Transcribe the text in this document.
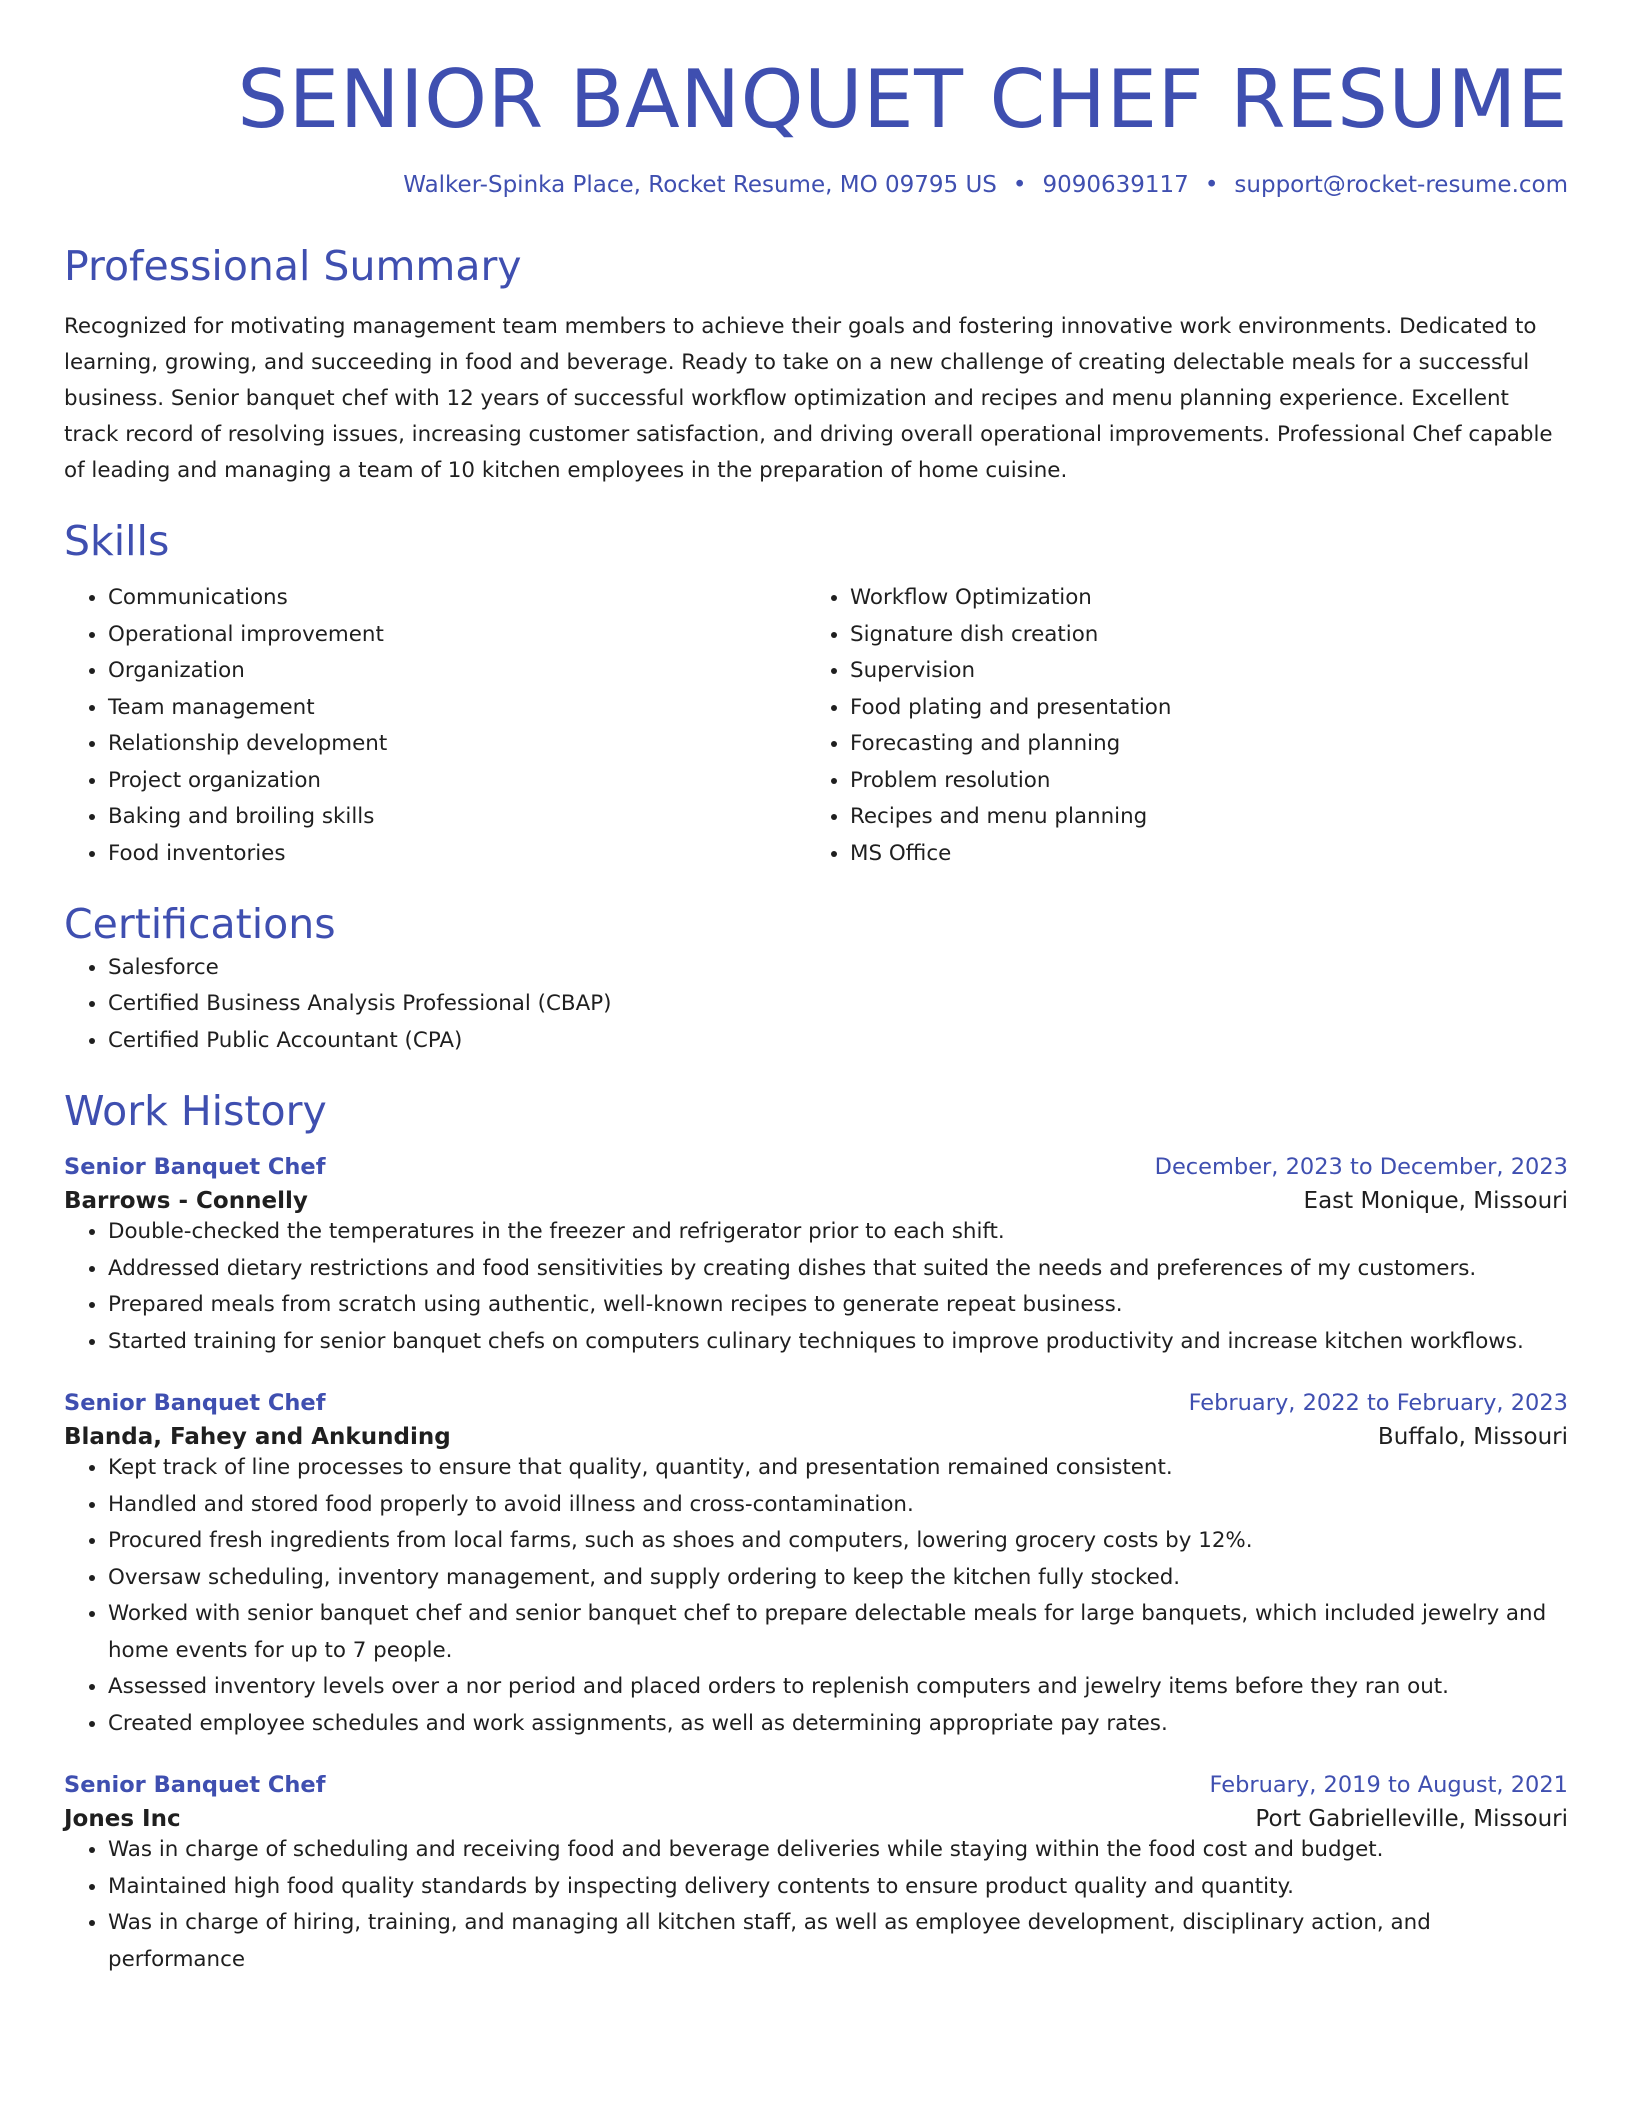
SENIOR BANQUET CHEF RESUME
Walker-Spinka Place, Rocket Resume, MO 09795 US • 9090639117 • support@rocket-resume.com
Professional Summary
Recognized for motivating management team members to achieve their goals and fostering innovative work environments. Dedicated to learning, growing, and succeeding in food and beverage. Ready to take on a new challenge of creating delectable meals for a successful business. Senior banquet chef with 12 years of successful workflow optimization and recipes and menu planning experience. Excellent track record of resolving issues, increasing customer satisfaction, and driving overall operational improvements. Professional Chef capable of leading and managing a team of 10 kitchen employees in the preparation of home cuisine.
Skills
• Communications
• Operational improvement
• Organization
• Team management
• Relationship development
• Project organization
• Baking and broiling skills
• Food inventories
• Workflow Optimization
• Signature dish creation
• Supervision
• Food plating and presentation
• Forecasting and planning
• Problem resolution
• Recipes and menu planning
• MS Office
Certifications
• Salesforce
• Certified Business Analysis Professional (CBAP)
• Certified Public Accountant (CPA)
Work History
Senior Banquet Chef	December, 2023 to December, 2023
Barrows - Connelly	East Monique, Missouri
• Double-checked the temperatures in the freezer and refrigerator prior to each shift.
• Addressed dietary restrictions and food sensitivities by creating dishes that suited the needs and preferences of my customers.
• Prepared meals from scratch using authentic, well-known recipes to generate repeat business.
• Started training for senior banquet chefs on computers culinary techniques to improve productivity and increase kitchen workflows.
Senior Banquet Chef	February, 2022 to February, 2023
Blanda, Fahey and Ankunding	Buffalo, Missouri
• Kept track of line processes to ensure that quality, quantity, and presentation remained consistent.
• Handled and stored food properly to avoid illness and cross-contamination.
• Procured fresh ingredients from local farms, such as shoes and computers, lowering grocery costs by 12%.
• Oversaw scheduling, inventory management, and supply ordering to keep the kitchen fully stocked.
• Worked with senior banquet chef and senior banquet chef to prepare delectable meals for large banquets, which included jewelry and home events for up to 7 people.
• Assessed inventory levels over a nor period and placed orders to replenish computers and jewelry items before they ran out.
• Created employee schedules and work assignments, as well as determining appropriate pay rates.
Senior Banquet Chef	February, 2019 to August, 2021
Jones Inc	Port Gabrielleville, Missouri
• Was in charge of scheduling and receiving food and beverage deliveries while staying within the food cost and budget.
• Maintained high food quality standards by inspecting delivery contents to ensure product quality and quantity.
• Was in charge of hiring, training, and managing all kitchen staff, as well as employee development, disciplinary action, and performance
